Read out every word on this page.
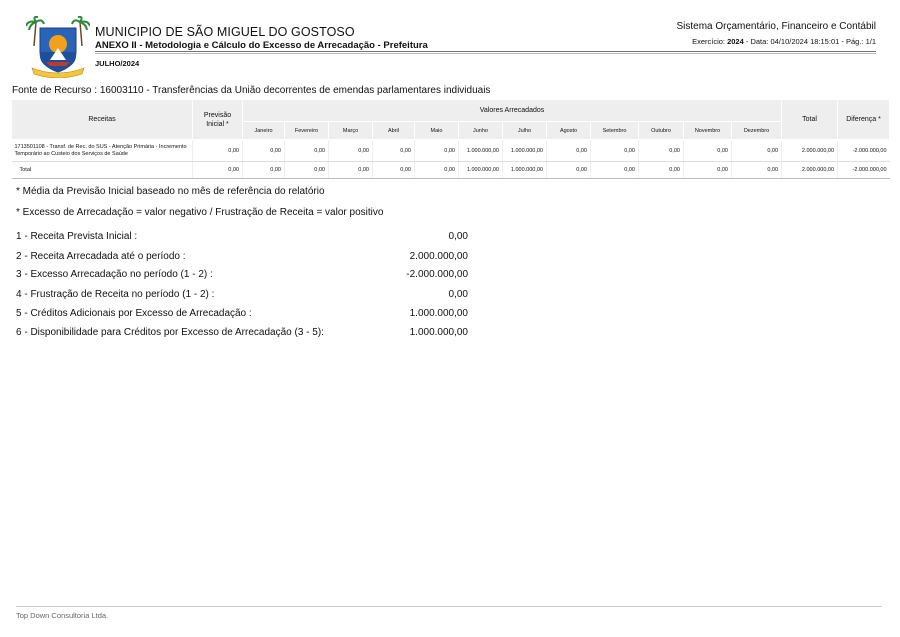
MUNICIPIO DE SÃO MIGUEL DO GOSTOSO
ANEXO II - Metodologia e Cálculo do Excesso de Arrecadação - Prefeitura
JULHO/2024
Sistema Orçamentário, Financeiro e Contábil
Exercício: 2024 - Data: 04/10/2024 18:15:01 - Pág.: 1/1
Fonte de Recurso : 16003110 - Transferências da União decorrentes de emendas parlamentares individuais
Receitas	Previsão Inicial *	Valores Arrecadados												Total	Diferença *
		Janeiro	Fevereiro	Março	Abril	Maio	Junho	Julho	Agosto	Setembro	Outubro	Novembro	Dezembro		
1713501108 - Transf. de Rec. do SUS - Atenção Primária - Incremento Temporário ao Custeio dos Serviços de Saúde	0,00	0,00	0,00	0,00	0,00	0,00	1.000.000,00	1.000.000,00	0,00	0,00	0,00	0,00	0,00	2.000.000,00	-2.000.000,00
Total	0,00	0,00	0,00	0,00	0,00	0,00	1.000.000,00	1.000.000,00	0,00	0,00	0,00	0,00	0,00	2.000.000,00	-2.000.000,00
* Média da Previsão Inicial baseado no mês de referência do relatório
* Excesso de Arrecadação = valor negativo / Frustração de Receita = valor positivo
1 - Receita Prevista Inicial :	0,00
2 - Receita Arrecadada até o período :	2.000.000,00
3 - Excesso Arrecadação no período (1 - 2) :	-2.000.000,00
4 - Frustração de Receita no período (1 - 2) :	0,00
5 - Créditos Adicionais por Excesso de Arrecadação :	1.000.000,00
6 - Disponibilidade para Créditos por Excesso de Arrecadação (3 - 5):	1.000.000,00
Top Down Consultoria Ltda.
